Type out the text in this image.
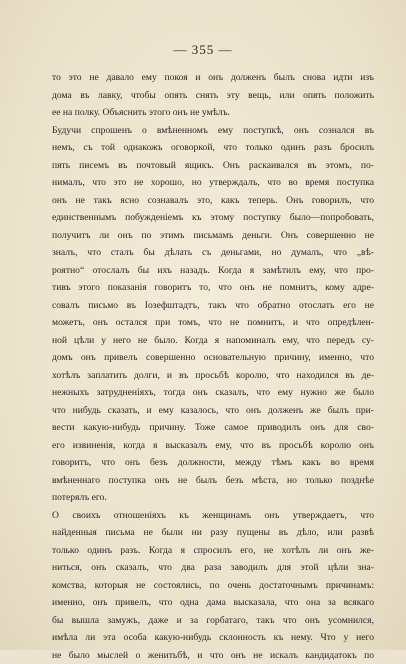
— 355 —
то это не давало ему покоя и онъ долженъ былъ снова идти изъ
дома въ лавку, чтобы опять снять эту вещь, или опять положить
ее на полку. Объяснить этого онъ не умѣлъ.
Будучи спрошенъ о вмѣненномъ ему поступкѣ, онъ сознался въ
немъ, съ той однакожъ оговоркой, что только одинъ разъ бросилъ
пять писемъ въ почтовый ящикъ. Онъ раскаивался въ этомъ, по-
нималъ, что это не хорошо, но утверждалъ, что во время поступка
онъ не такъ ясно сознавалъ это, какъ теперь. Онъ говорилъ, что
единственнымъ побужденіемъ къ этому поступку было—попробовать,
получитъ ли онъ по этимъ письмамъ деньги. Онъ совершенно не
зналъ, что сталъ бы дѣлать съ деньгами, но думалъ, что „вѣ-
роятно“ отослалъ бы ихъ назадъ. Когда я замѣтилъ ему, что про-
тивъ этого показанія говоритъ то, что онъ не помнитъ, кому адре-
совалъ письмо въ Іозефштадтъ, такъ что обратно отослать его не
можетъ, онъ остался при томъ, что не помнитъ, и что опредѣлен-
ной цѣли у него не было. Когда я напоминалъ ему, что передъ су-
домъ онъ привелъ совершенно основательную причину, именно, что
хотѣлъ заплатить долги, и въ просьбѣ королю, что находился въ де-
нежныхъ затрудненіяхъ, тогда онъ сказалъ, что ему нужно же было
что нибудь сказать, и ему казалось, что онъ долженъ же былъ при-
вести какую-нибудь причину. Тоже самое приводилъ онъ для сво-
его извиненія, когда я высказалъ ему, что въ просьбѣ королю онъ
говоритъ, что онъ безъ должности, между тѣмъ какъ во время
вмѣненнаго поступка онъ не былъ безъ мѣста, но только позднѣе
потерялъ его.
О своихъ отношеніяхъ къ женщинамъ онъ утверждаетъ, что
найденныя письма не были ни разу пущены въ дѣло, или развѣ
только одинъ разъ. Когда я спросилъ его, не хотѣлъ ли онъ же-
ниться, онъ сказалъ, что два раза заводилъ для этой цѣли зна-
комства, которыя не состоялись, по очень достаточнымъ причинамъ:
именно, онъ привелъ, что одна дама высказала, что она за всякаго
бы вышла замужъ, даже и за горбатаго, такъ что онъ усомнился,
имѣла ли эта особа какую-нибудь склонность къ нему. Что у него
не было мыслей о женитьбѣ, и что онъ не искалъ кандидатокъ по
